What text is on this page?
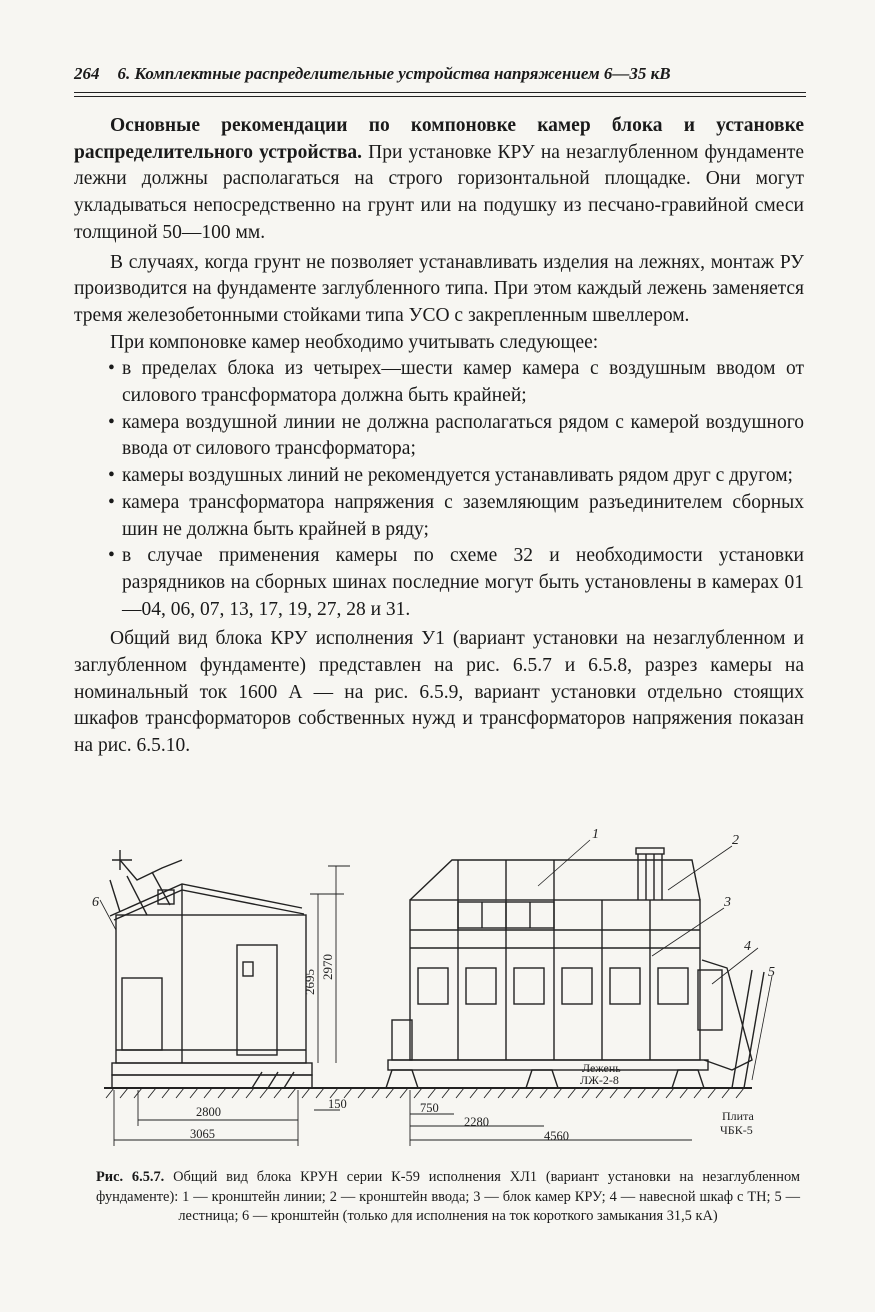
264 6. Комплектные распределительные устройства напряжением 6—35 кВ

Основные рекомендации по компоновке камер блока и установке распределительного устройства. При установке КРУ на незаглубленном фундаменте лежни должны располагаться на строго горизонтальной площадке. Они могут укладываться непосредственно на грунт или на подушку из песчано-гравийной смеси толщиной 50—100 мм.

В случаях, когда грунт не позволяет устанавливать изделия на лежнях, монтаж РУ производится на фундаменте заглубленного типа. При этом каждый лежень заменяется тремя железобетонными стойками типа УСО с закрепленным швеллером.

При компоновке камер необходимо учитывать следующее:

• в пределах блока из четырех—шести камер камера с воздушным вводом от силового трансформатора должна быть крайней;
• камера воздушной линии не должна располагаться рядом с камерой воздушного ввода от силового трансформатора;
• камеры воздушных линий не рекомендуется устанавливать рядом друг с другом;
• камера трансформатора напряжения с заземляющим разъединителем сборных шин не должна быть крайней в ряду;
• в случае применения камеры по схеме 32 и необходимости установки разрядников на сборных шинах последние могут быть установлены в камерах 01—04, 06, 07, 13, 17, 19, 27, 28 и 31.

Общий вид блока КРУ исполнения У1 (вариант установки на незаглубленном и заглубленном фундаменте) представлен на рис. 6.5.7 и 6.5.8, разрез камеры на номинальный ток 1600 А — на рис. 6.5.9, вариант установки отдельно стоящих шкафов трансформаторов собственных нужд и трансформаторов напряжения показан на рис. 6.5.10.

2695
2970
1	2
3
4
5
6
2800
3065
150	750
2280
4560
Лежень
ЛЖ-2-8
Плита
ЧБК-5
Рис. 6.5.7. Общий вид блока КРУН серии К-59 исполнения ХЛ1 (вариант установки на незаглубленном фундаменте): 1 — кронштейн линии; 2 — кронштейн ввода; 3 — блок камер КРУ; 4 — навесной шкаф с ТН; 5 — лестница; 6 — кронштейн (только для исполнения на ток короткого замыкания 31,5 кА)
